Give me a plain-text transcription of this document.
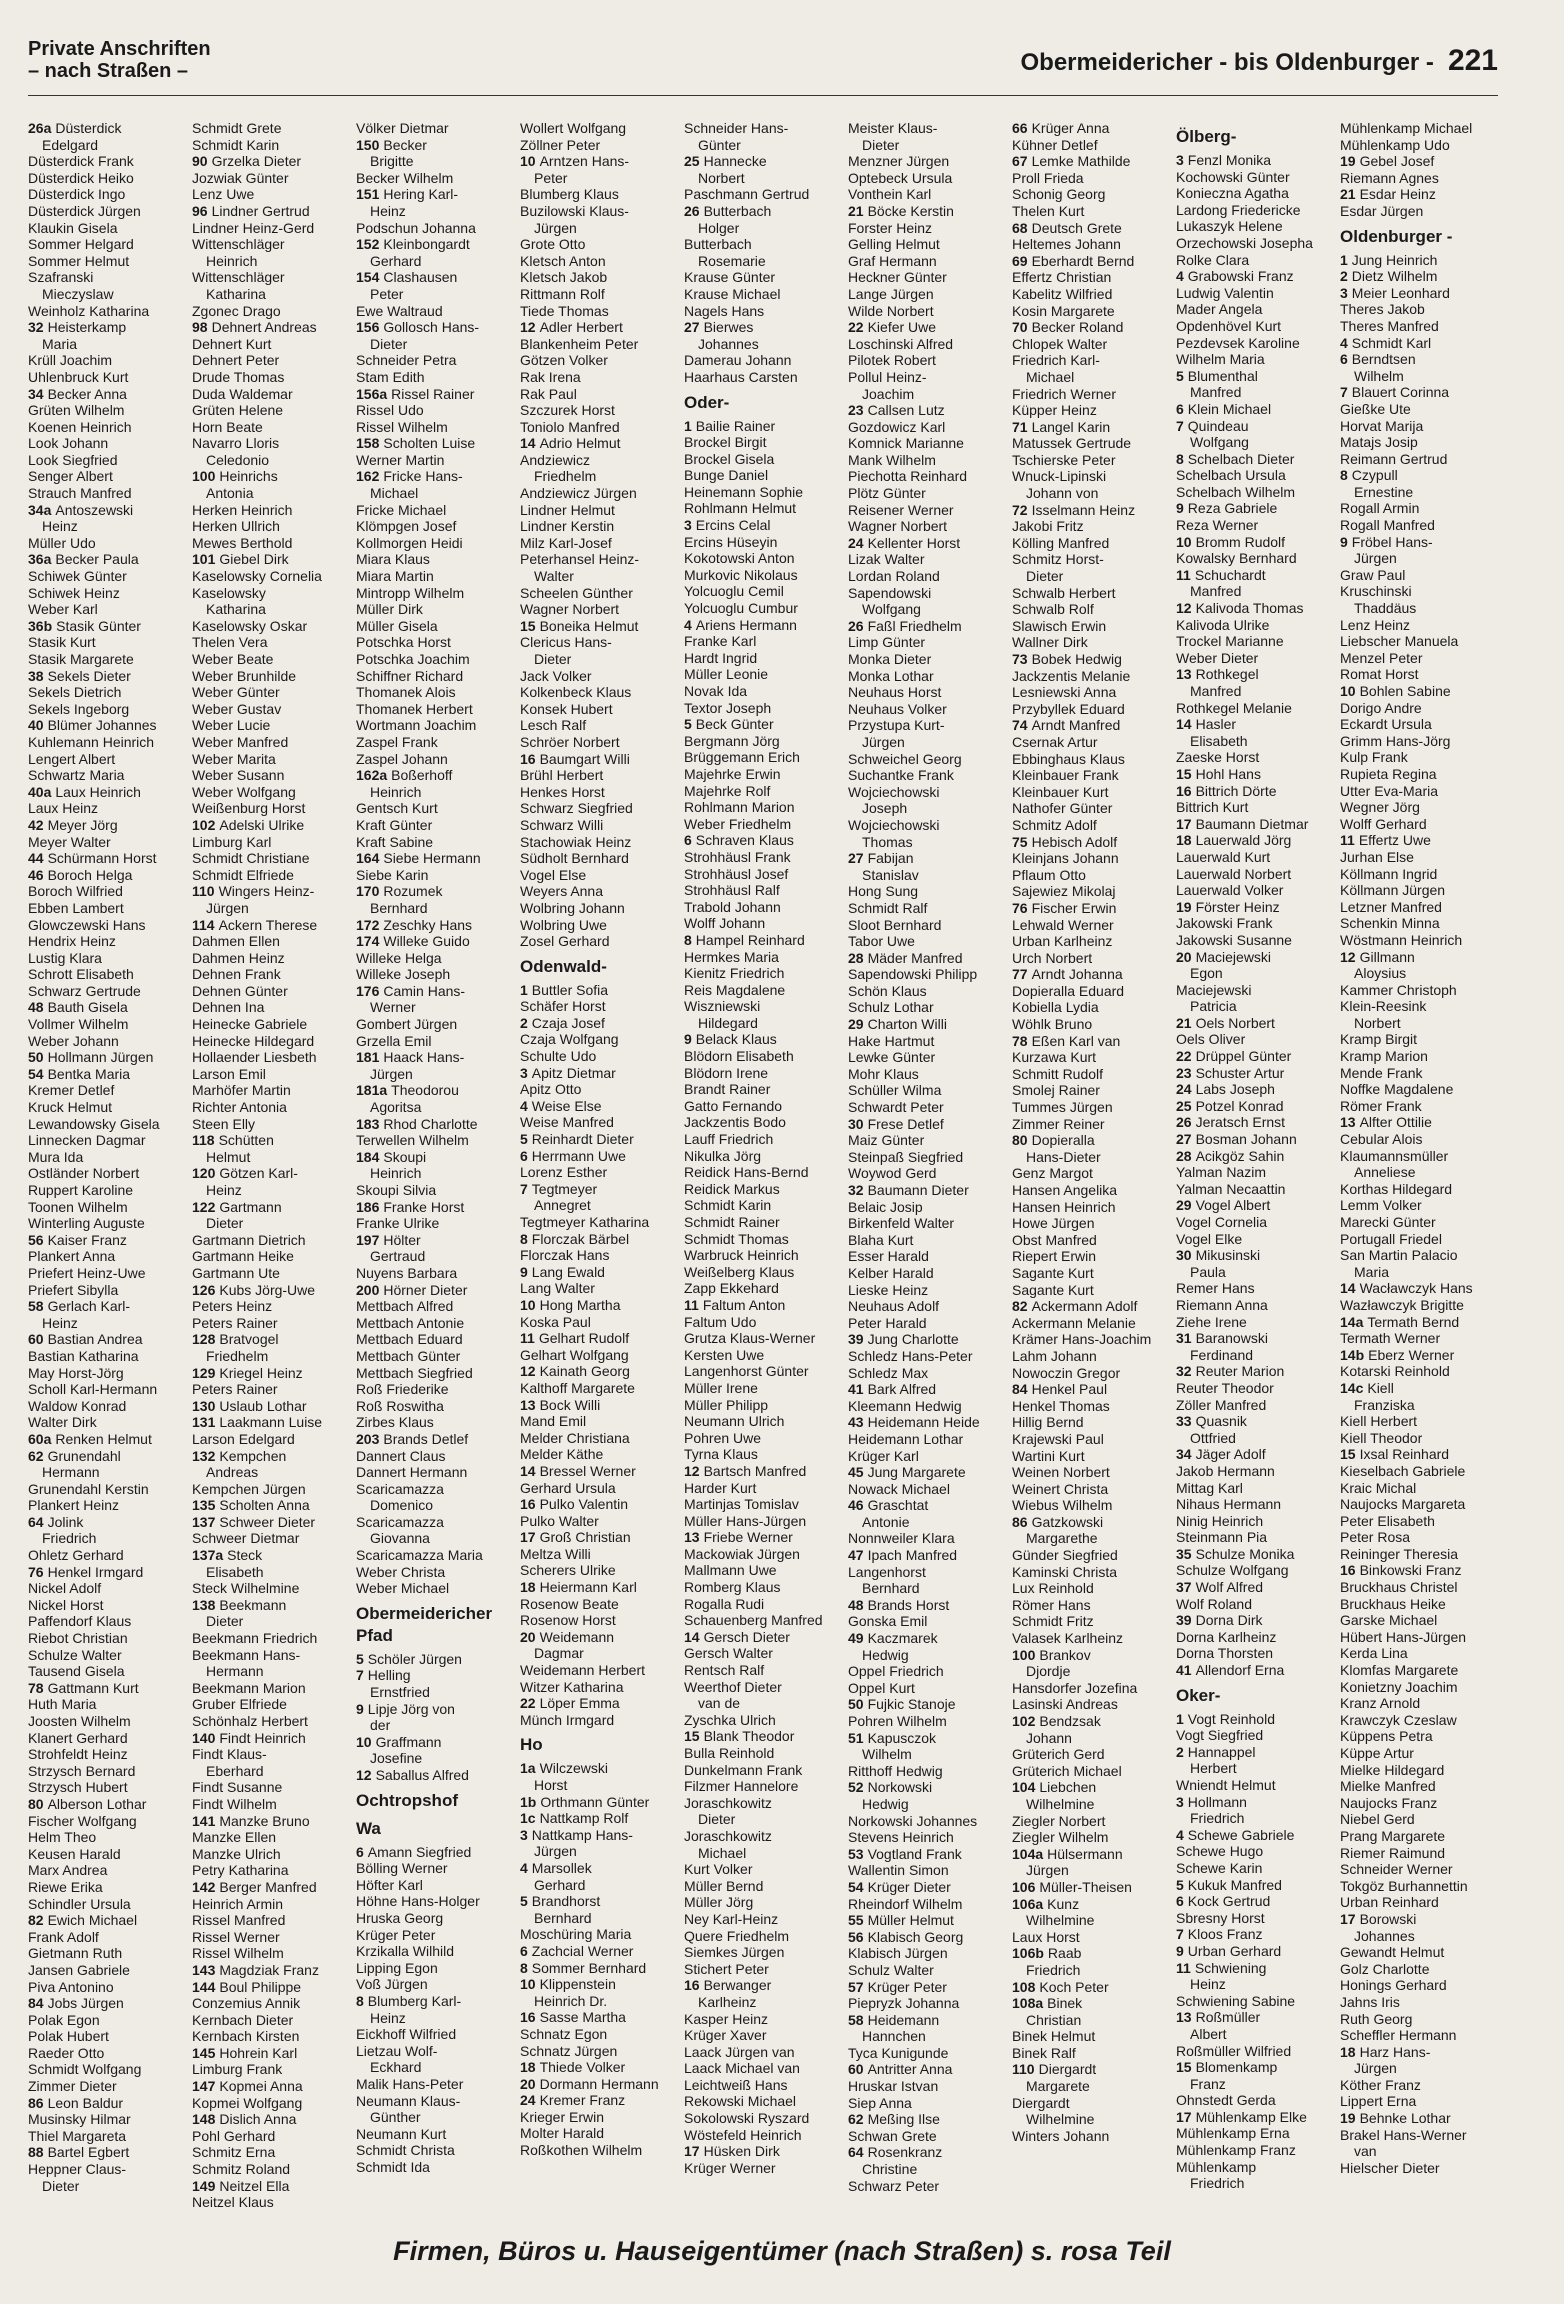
Private Anschriften
– nach Straßen –	Obermeidericher - bis Oldenburger - 221
26a Düsterdick
Edelgard
Düsterdick Frank
Düsterdick Heiko
Düsterdick Ingo
Düsterdick Jürgen
Klaukin Gisela
Sommer Helgard
Sommer Helmut
Szafranski
Mieczyslaw
Weinholz Katharina
32 Heisterkamp
Maria
Krüll Joachim
Uhlenbruck Kurt
34 Becker Anna
Grüten Wilhelm
Koenen Heinrich
Look Johann
Look Siegfried
Senger Albert
Strauch Manfred
34a Antoszewski
Heinz
Müller Udo
36a Becker Paula
Schiwek Günter
Schiwek Heinz
Weber Karl
36b Stasik Günter
Stasik Kurt
Stasik Margarete
38 Sekels Dieter
Sekels Dietrich
Sekels Ingeborg
40 Blümer Johannes
Kuhlemann Heinrich
Lengert Albert
Schwartz Maria
40a Laux Heinrich
Laux Heinz
42 Meyer Jörg
Meyer Walter
44 Schürmann Horst
46 Boroch Helga
Boroch Wilfried
Ebben Lambert
Glowczewski Hans
Hendrix Heinz
Lustig Klara
Schrott Elisabeth
Schwarz Gertrude
48 Bauth Gisela
Vollmer Wilhelm
Weber Johann
50 Hollmann Jürgen
54 Bentka Maria
Kremer Detlef
Kruck Helmut
Lewandowsky Gisela
Linnecken Dagmar
Mura Ida
Ostländer Norbert
Ruppert Karoline
Toonen Wilhelm
Winterling Auguste
56 Kaiser Franz
Plankert Anna
Priefert Heinz-Uwe
Priefert Sibylla
58 Gerlach Karl-
Heinz
60 Bastian Andrea
Bastian Katharina
May Horst-Jörg
Scholl Karl-Hermann
Waldow Konrad
Walter Dirk
60a Renken Helmut
62 Grunendahl
Hermann
Grunendahl Kerstin
Plankert Heinz
64 Jolink
Friedrich
Ohletz Gerhard
76 Henkel Irmgard
Nickel Adolf
Nickel Horst
Paffendorf Klaus
Riebot Christian
Schulze Walter
Tausend Gisela
78 Gattmann Kurt
Huth Maria
Joosten Wilhelm
Klanert Gerhard
Strohfeldt Heinz
Strzysch Bernard
Strzysch Hubert
80 Alberson Lothar
Fischer Wolfgang
Helm Theo
Keusen Harald
Marx Andrea
Riewe Erika
Schindler Ursula
82 Ewich Michael
Frank Adolf
Gietmann Ruth
Jansen Gabriele
Piva Antonino
84 Jobs Jürgen
Polak Egon
Polak Hubert
Raeder Otto
Schmidt Wolfgang
Zimmer Dieter
86 Leon Baldur
Musinsky Hilmar
Thiel Margareta
88 Bartel Egbert
Heppner Claus-
Dieter
Schmidt Grete
Schmidt Karin
90 Grzelka Dieter
Jozwiak Günter
Lenz Uwe
96 Lindner Gertrud
Lindner Heinz-Gerd
Wittenschläger
Heinrich
Wittenschläger
Katharina
Zgonec Drago
98 Dehnert Andreas
Dehnert Kurt
Dehnert Peter
Drude Thomas
Duda Waldemar
Grüten Helene
Horn Beate
Navarro Lloris
Celedonio
100 Heinrichs
Antonia
Herken Heinrich
Herken Ullrich
Mewes Berthold
101 Giebel Dirk
Kaselowsky Cornelia
Kaselowsky
Katharina
Kaselowsky Oskar
Thelen Vera
Weber Beate
Weber Brunhilde
Weber Günter
Weber Gustav
Weber Lucie
Weber Manfred
Weber Marita
Weber Susann
Weber Wolfgang
Weißenburg Horst
102 Adelski Ulrike
Limburg Karl
Schmidt Christiane
Schmidt Elfriede
110 Wingers Heinz-
Jürgen
114 Ackern Therese
Dahmen Ellen
Dahmen Heinz
Dehnen Frank
Dehnen Günter
Dehnen Ina
Heinecke Gabriele
Heinecke Hildegard
Hollaender Liesbeth
Larson Emil
Marhöfer Martin
Richter Antonia
Steen Elly
118 Schütten
Helmut
120 Götzen Karl-
Heinz
122 Gartmann
Dieter
Gartmann Dietrich
Gartmann Heike
Gartmann Ute
126 Kubs Jörg-Uwe
Peters Heinz
Peters Rainer
128 Bratvogel
Friedhelm
129 Kriegel Heinz
Peters Rainer
130 Uslaub Lothar
131 Laakmann Luise
Larson Edelgard
132 Kempchen
Andreas
Kempchen Jürgen
135 Scholten Anna
137 Schweer Dieter
Schweer Dietmar
137a Steck
Elisabeth
Steck Wilhelmine
138 Beekmann
Dieter
Beekmann Friedrich
Beekmann Hans-
Hermann
Beekmann Marion
Gruber Elfriede
Schönhalz Herbert
140 Findt Heinrich
Findt Klaus-
Eberhard
Findt Susanne
Findt Wilhelm
141 Manzke Bruno
Manzke Ellen
Manzke Ulrich
Petry Katharina
142 Berger Manfred
Heinrich Armin
Rissel Manfred
Rissel Werner
Rissel Wilhelm
143 Magdziak Franz
144 Boul Philippe
Conzemius Annik
Kernbach Dieter
Kernbach Kirsten
145 Hohrein Karl
Limburg Frank
147 Kopmei Anna
Kopmei Wolfgang
148 Dislich Anna
Pohl Gerhard
Schmitz Erna
Schmitz Roland
149 Neitzel Ella
Neitzel Klaus
Völker Dietmar
150 Becker
Brigitte
Becker Wilhelm
151 Hering Karl-
Heinz
Podschun Johanna
152 Kleinbongardt
Gerhard
154 Clashausen
Peter
Ewe Waltraud
156 Gollosch Hans-
Dieter
Schneider Petra
Stam Edith
156a Rissel Rainer
Rissel Udo
Rissel Wilhelm
158 Scholten Luise
Werner Martin
162 Fricke Hans-
Michael
Fricke Michael
Klömpgen Josef
Kollmorgen Heidi
Miara Klaus
Miara Martin
Mintropp Wilhelm
Müller Dirk
Müller Gisela
Potschka Horst
Potschka Joachim
Schiffner Richard
Thomanek Alois
Thomanek Herbert
Wortmann Joachim
Zaspel Frank
Zaspel Johann
162a Boßerhoff
Heinrich
Gentsch Kurt
Kraft Günter
Kraft Sabine
164 Siebe Hermann
Siebe Karin
170 Rozumek
Bernhard
172 Zeschky Hans
174 Willeke Guido
Willeke Helga
Willeke Joseph
176 Camin Hans-
Werner
Gombert Jürgen
Grzella Emil
181 Haack Hans-
Jürgen
181a Theodorou
Agoritsa
183 Rhod Charlotte
Terwellen Wilhelm
184 Skoupi
Heinrich
Skoupi Silvia
186 Franke Horst
Franke Ulrike
197 Hölter
Gertraud
Nuyens Barbara
200 Hörner Dieter
Mettbach Alfred
Mettbach Antonie
Mettbach Eduard
Mettbach Günter
Mettbach Siegfried
Roß Friederike
Roß Roswitha
Zirbes Klaus
203 Brands Detlef
Dannert Claus
Dannert Hermann
Scaricamazza
Domenico
Scaricamazza
Giovanna
Scaricamazza Maria
Weber Christa
Weber Michael
Obermeidericher Pfad
5 Schöler Jürgen
7 Helling
Ernstfried
9 Lipje Jörg von
der
10 Graffmann
Josefine
12 Saballus Alfred
Ochtropshof
Wa
6 Amann Siegfried
Bölling Werner
Höfter Karl
Höhne Hans-Holger
Hruska Georg
Krüger Peter
Krzikalla Wilhild
Lipping Egon
Voß Jürgen
8 Blumberg Karl-
Heinz
Eickhoff Wilfried
Lietzau Wolf-
Eckhard
Malik Hans-Peter
Neumann Klaus-
Günther
Neumann Kurt
Schmidt Christa
Schmidt Ida
Wollert Wolfgang
Zöllner Peter
10 Arntzen Hans-
Peter
Blumberg Klaus
Buzilowski Klaus-
Jürgen
Grote Otto
Kletsch Anton
Kletsch Jakob
Rittmann Rolf
Tiede Thomas
12 Adler Herbert
Blankenheim Peter
Götzen Volker
Rak Irena
Rak Paul
Szczurek Horst
Toniolo Manfred
14 Adrio Helmut
Andziewicz
Friedhelm
Andziewicz Jürgen
Lindner Helmut
Lindner Kerstin
Milz Karl-Josef
Peterhansel Heinz-
Walter
Scheelen Günther
Wagner Norbert
15 Boneika Helmut
Clericus Hans-
Dieter
Jack Volker
Kolkenbeck Klaus
Konsek Hubert
Lesch Ralf
Schröer Norbert
16 Baumgart Willi
Brühl Herbert
Henkes Horst
Schwarz Siegfried
Schwarz Willi
Stachowiak Heinz
Südholt Bernhard
Vogel Else
Weyers Anna
Wolbring Johann
Wolbring Uwe
Zosel Gerhard
Odenwald-
1 Buttler Sofia
Schäfer Horst
2 Czaja Josef
Czaja Wolfgang
Schulte Udo
3 Apitz Dietmar
Apitz Otto
4 Weise Else
Weise Manfred
5 Reinhardt Dieter
6 Herrmann Uwe
Lorenz Esther
7 Tegtmeyer
Annegret
Tegtmeyer Katharina
8 Florczak Bärbel
Florczak Hans
9 Lang Ewald
Lang Walter
10 Hong Martha
Koska Paul
11 Gelhart Rudolf
Gelhart Wolfgang
12 Kainath Georg
Kalthoff Margarete
13 Bock Willi
Mand Emil
Melder Christiana
Melder Käthe
14 Bressel Werner
Gerhard Ursula
16 Pulko Valentin
Pulko Walter
17 Groß Christian
Meltza Willi
Scherers Ulrike
18 Heiermann Karl
Rosenow Beate
Rosenow Horst
20 Weidemann
Dagmar
Weidemann Herbert
Witzer Katharina
22 Löper Emma
Münch Irmgard
Ho
1a Wilczewski
Horst
1b Orthmann Günter
1c Nattkamp Rolf
3 Nattkamp Hans-
Jürgen
4 Marsollek
Gerhard
5 Brandhorst
Bernhard
Moschüring Maria
6 Zachcial Werner
8 Sommer Bernhard
10 Klippenstein
Heinrich Dr.
16 Sasse Martha
Schnatz Egon
Schnatz Jürgen
18 Thiede Volker
20 Dormann Hermann
24 Kremer Franz
Krieger Erwin
Molter Harald
Roßkothen Wilhelm
Schneider Hans-
Günter
25 Hannecke
Norbert
Paschmann Gertrud
26 Butterbach
Holger
Butterbach
Rosemarie
Krause Günter
Krause Michael
Nagels Hans
27 Bierwes
Johannes
Damerau Johann
Haarhaus Carsten
Oder-
1 Bailie Rainer
Brockel Birgit
Brockel Gisela
Bunge Daniel
Heinemann Sophie
Rohlmann Helmut
3 Ercins Celal
Ercins Hüseyin
Kokotowski Anton
Murkovic Nikolaus
Yolcuoglu Cemil
Yolcuoglu Cumbur
4 Ariens Hermann
Franke Karl
Hardt Ingrid
Müller Leonie
Novak Ida
Textor Joseph
5 Beck Günter
Bergmann Jörg
Brüggemann Erich
Majehrke Erwin
Majehrke Rolf
Rohlmann Marion
Weber Friedhelm
6 Schraven Klaus
Strohhäusl Frank
Strohhäusl Josef
Strohhäusl Ralf
Trabold Johann
Wolff Johann
8 Hampel Reinhard
Hermkes Maria
Kienitz Friedrich
Reis Magdalene
Wiszniewski
Hildegard
9 Belack Klaus
Blödorn Elisabeth
Blödorn Irene
Brandt Rainer
Gatto Fernando
Jackzentis Bodo
Lauff Friedrich
Nikulka Jörg
Reidick Hans-Bernd
Reidick Markus
Schmidt Karin
Schmidt Rainer
Schmidt Thomas
Warbruck Heinrich
Weißelberg Klaus
Zapp Ekkehard
11 Faltum Anton
Faltum Udo
Grutza Klaus-Werner
Kersten Uwe
Langenhorst Günter
Müller Irene
Müller Philipp
Neumann Ulrich
Pohren Uwe
Tyrna Klaus
12 Bartsch Manfred
Harder Kurt
Martinjas Tomislav
Müller Hans-Jürgen
13 Friebe Werner
Mackowiak Jürgen
Mallmann Uwe
Romberg Klaus
Rogalla Rudi
Schauenberg Manfred
14 Gersch Dieter
Gersch Walter
Rentsch Ralf
Weerthof Dieter
van de
Zyschka Ulrich
15 Blank Theodor
Bulla Reinhold
Dunkelmann Frank
Filzmer Hannelore
Joraschkowitz
Dieter
Joraschkowitz
Michael
Kurt Volker
Müller Bernd
Müller Jörg
Ney Karl-Heinz
Quere Friedhelm
Siemkes Jürgen
Stichert Peter
16 Berwanger
Karlheinz
Kasper Heinz
Krüger Xaver
Laack Jürgen van
Laack Michael van
Leichtweiß Hans
Rekowski Michael
Sokolowski Ryszard
Wöstefeld Heinrich
17 Hüsken Dirk
Krüger Werner
Meister Klaus-
Dieter
Menzner Jürgen
Optebeck Ursula
Vonthein Karl
21 Böcke Kerstin
Forster Heinz
Gelling Helmut
Graf Hermann
Heckner Günter
Lange Jürgen
Wilde Norbert
22 Kiefer Uwe
Loschinski Alfred
Pilotek Robert
Pollul Heinz-
Joachim
23 Callsen Lutz
Gozdowicz Karl
Komnick Marianne
Mank Wilhelm
Piechotta Reinhard
Plötz Günter
Reisener Werner
Wagner Norbert
24 Kellenter Horst
Lizak Walter
Lordan Roland
Sapendowski
Wolfgang
26 Faßl Friedhelm
Limp Günter
Monka Dieter
Monka Lothar
Neuhaus Horst
Neuhaus Volker
Przystupa Kurt-
Jürgen
Schweichel Georg
Suchantke Frank
Wojciechowski
Joseph
Wojciechowski
Thomas
27 Fabijan
Stanislav
Hong Sung
Schmidt Ralf
Sloot Bernhard
Tabor Uwe
28 Mäder Manfred
Sapendowski Philipp
Schön Klaus
Schulz Lothar
29 Charton Willi
Hake Hartmut
Lewke Günter
Mohr Klaus
Schüller Wilma
Schwardt Peter
30 Frese Detlef
Maiz Günter
Steinpaß Siegfried
Woywod Gerd
32 Baumann Dieter
Belaic Josip
Birkenfeld Walter
Blaha Kurt
Esser Harald
Kelber Harald
Lieske Heinz
Neuhaus Adolf
Peter Harald
39 Jung Charlotte
Schledz Hans-Peter
Schledz Max
41 Bark Alfred
Kleemann Hedwig
43 Heidemann Heide
Heidemann Lothar
Krüger Karl
45 Jung Margarete
Nowack Michael
46 Graschtat
Antonie
Nonnweiler Klara
47 Ipach Manfred
Langenhorst
Bernhard
48 Brands Horst
Gonska Emil
49 Kaczmarek
Hedwig
Oppel Friedrich
Oppel Kurt
50 Fujkic Stanoje
Pohren Wilhelm
51 Kapusczok
Wilhelm
Ritthoff Hedwig
52 Norkowski
Hedwig
Norkowski Johannes
Stevens Heinrich
53 Vogtland Frank
Wallentin Simon
54 Krüger Dieter
Rheindorf Wilhelm
55 Müller Helmut
56 Klabisch Georg
Klabisch Jürgen
Schulz Walter
57 Krüger Peter
Piepryzk Johanna
58 Heidemann
Hannchen
Tyca Kunigunde
60 Antritter Anna
Hruskar Istvan
Siep Anna
62 Meßing Ilse
Schwan Grete
64 Rosenkranz
Christine
Schwarz Peter
66 Krüger Anna
Kühner Detlef
67 Lemke Mathilde
Proll Frieda
Schonig Georg
Thelen Kurt
68 Deutsch Grete
Heltemes Johann
69 Eberhardt Bernd
Effertz Christian
Kabelitz Wilfried
Kosin Margarete
70 Becker Roland
Chlopek Walter
Friedrich Karl-
Michael
Friedrich Werner
Küpper Heinz
71 Langel Karin
Matussek Gertrude
Tschierske Peter
Wnuck-Lipinski
Johann von
72 Isselmann Heinz
Jakobi Fritz
Kölling Manfred
Schmitz Horst-
Dieter
Schwalb Herbert
Schwalb Rolf
Slawisch Erwin
Wallner Dirk
73 Bobek Hedwig
Jackzentis Melanie
Lesniewski Anna
Przybyllek Eduard
74 Arndt Manfred
Csernak Artur
Ebbinghaus Klaus
Kleinbauer Frank
Kleinbauer Kurt
Nathofer Günter
Schmitz Adolf
75 Hebisch Adolf
Kleinjans Johann
Pflaum Otto
Sajewiez Mikolaj
76 Fischer Erwin
Lehwald Werner
Urban Karlheinz
Urch Norbert
77 Arndt Johanna
Dopieralla Eduard
Kobiella Lydia
Wöhlk Bruno
78 Eßen Karl van
Kurzawa Kurt
Schmitt Rudolf
Smolej Rainer
Tummes Jürgen
Zimmer Reiner
80 Dopieralla
Hans-Dieter
Genz Margot
Hansen Angelika
Hansen Heinrich
Howe Jürgen
Obst Manfred
Riepert Erwin
Sagante Kurt
Sagante Kurt
82 Ackermann Adolf
Ackermann Melanie
Krämer Hans-Joachim
Lahm Johann
Nowoczin Gregor
84 Henkel Paul
Henkel Thomas
Hillig Bernd
Krajewski Paul
Wartini Kurt
Weinen Norbert
Weinert Christa
Wiebus Wilhelm
86 Gatzkowski
Margarethe
Günder Siegfried
Kaminski Christa
Lux Reinhold
Römer Hans
Schmidt Fritz
Valasek Karlheinz
100 Brankov
Djordje
Hansdorfer Jozefina
Lasinski Andreas
102 Bendzsak
Johann
Grüterich Gerd
Grüterich Michael
104 Liebchen
Wilhelmine
Ziegler Norbert
Ziegler Wilhelm
104a Hülsermann
Jürgen
106 Müller-Theisen
106a Kunz
Wilhelmine
Laux Horst
106b Raab
Friedrich
108 Koch Peter
108a Binek
Christian
Binek Helmut
Binek Ralf
110 Diergardt
Margarete
Diergardt
Wilhelmine
Winters Johann
Ölberg-
3 Fenzl Monika
Kochowski Günter
Konieczna Agatha
Lardong Friedericke
Lukaszyk Helene
Orzechowski Josepha
Rolke Clara
4 Grabowski Franz
Ludwig Valentin
Mader Angela
Opdenhövel Kurt
Pezdevsek Karoline
Wilhelm Maria
5 Blumenthal
Manfred
6 Klein Michael
7 Quindeau
Wolfgang
8 Schelbach Dieter
Schelbach Ursula
Schelbach Wilhelm
9 Reza Gabriele
Reza Werner
10 Bromm Rudolf
Kowalsky Bernhard
11 Schuchardt
Manfred
12 Kalivoda Thomas
Kalivoda Ulrike
Trockel Marianne
Weber Dieter
13 Rothkegel
Manfred
Rothkegel Melanie
14 Hasler
Elisabeth
Zaeske Horst
15 Hohl Hans
16 Bittrich Dörte
Bittrich Kurt
17 Baumann Dietmar
18 Lauerwald Jörg
Lauerwald Kurt
Lauerwald Norbert
Lauerwald Volker
19 Förster Heinz
Jakowski Frank
Jakowski Susanne
20 Maciejewski
Egon
Maciejewski
Patricia
21 Oels Norbert
Oels Oliver
22 Drüppel Günter
23 Schuster Artur
24 Labs Joseph
25 Potzel Konrad
26 Jeratsch Ernst
27 Bosman Johann
28 Acikgöz Sahin
Yalman Nazim
Yalman Necaattin
29 Vogel Albert
Vogel Cornelia
Vogel Elke
30 Mikusinski
Paula
Remer Hans
Riemann Anna
Ziehe Irene
31 Baranowski
Ferdinand
32 Reuter Marion
Reuter Theodor
Zöller Manfred
33 Quasnik
Ottfried
34 Jäger Adolf
Jakob Hermann
Mittag Karl
Nihaus Hermann
Ninig Heinrich
Steinmann Pia
35 Schulze Monika
Schulze Wolfgang
37 Wolf Alfred
Wolf Roland
39 Dorna Dirk
Dorna Karlheinz
Dorna Thorsten
41 Allendorf Erna
Oker-
1 Vogt Reinhold
Vogt Siegfried
2 Hannappel
Herbert
Wniendt Helmut
3 Hollmann
Friedrich
4 Schewe Gabriele
Schewe Hugo
Schewe Karin
5 Kukuk Manfred
6 Kock Gertrud
Sbresny Horst
7 Kloos Franz
9 Urban Gerhard
11 Schwiening
Heinz
Schwiening Sabine
13 Roßmüller
Albert
Roßmüller Wilfried
15 Blomenkamp
Franz
Ohnstedt Gerda
17 Mühlenkamp Elke
Mühlenkamp Erna
Mühlenkamp Franz
Mühlenkamp
Friedrich
Mühlenkamp Michael
Mühlenkamp Udo
19 Gebel Josef
Riemann Agnes
21 Esdar Heinz
Esdar Jürgen
Oldenburger -
1 Jung Heinrich
2 Dietz Wilhelm
3 Meier Leonhard
Theres Jakob
Theres Manfred
4 Schmidt Karl
6 Berndtsen
Wilhelm
7 Blauert Corinna
Gießke Ute
Horvat Marija
Matajs Josip
Reimann Gertrud
8 Czypull
Ernestine
Rogall Armin
Rogall Manfred
9 Fröbel Hans-
Jürgen
Graw Paul
Kruschinski
Thaddäus
Lenz Heinz
Liebscher Manuela
Menzel Peter
Romat Horst
10 Bohlen Sabine
Dorigo Andre
Eckardt Ursula
Grimm Hans-Jörg
Kulp Frank
Rupieta Regina
Utter Eva-Maria
Wegner Jörg
Wolff Gerhard
11 Effertz Uwe
Jurhan Else
Köllmann Ingrid
Köllmann Jürgen
Letzner Manfred
Schenkin Minna
Wöstmann Heinrich
12 Gillmann
Aloysius
Kammer Christoph
Klein-Reesink
Norbert
Kramp Birgit
Kramp Marion
Mende Frank
Noffke Magdalene
Römer Frank
13 Alfter Ottilie
Cebular Alois
Klaumannsmüller
Anneliese
Korthas Hildegard
Lemm Volker
Marecki Günter
Portugall Friedel
San Martin Palacio
Maria
14 Wacławczyk Hans
Wazławczyk Brigitte
14a Termath Bernd
Termath Werner
14b Eberz Werner
Kotarski Reinhold
14c Kiell
Franziska
Kiell Herbert
Kiell Theodor
15 Ixsal Reinhard
Kieselbach Gabriele
Kraic Michal
Naujocks Margareta
Peter Elisabeth
Peter Rosa
Reininger Theresia
16 Binkowski Franz
Bruckhaus Christel
Bruckhaus Heike
Garske Michael
Hübert Hans-Jürgen
Kerda Lina
Klomfas Margarete
Konietzny Joachim
Kranz Arnold
Krawczyk Czeslaw
Küppens Petra
Küppe Artur
Mielke Hildegard
Mielke Manfred
Naujocks Franz
Niebel Gerd
Prang Margarete
Riemer Raimund
Schneider Werner
Tokgöz Burhannettin
Urban Reinhard
17 Borowski
Johannes
Gewandt Helmut
Golz Charlotte
Honings Gerhard
Jahns Iris
Ruth Georg
Scheffler Hermann
18 Harz Hans-
Jürgen
Köther Franz
Lippert Erna
19 Behnke Lothar
Brakel Hans-Werner
van
Hielscher Dieter
Firmen, Büros u. Hauseigentümer (nach Straßen) s. rosa Teil
